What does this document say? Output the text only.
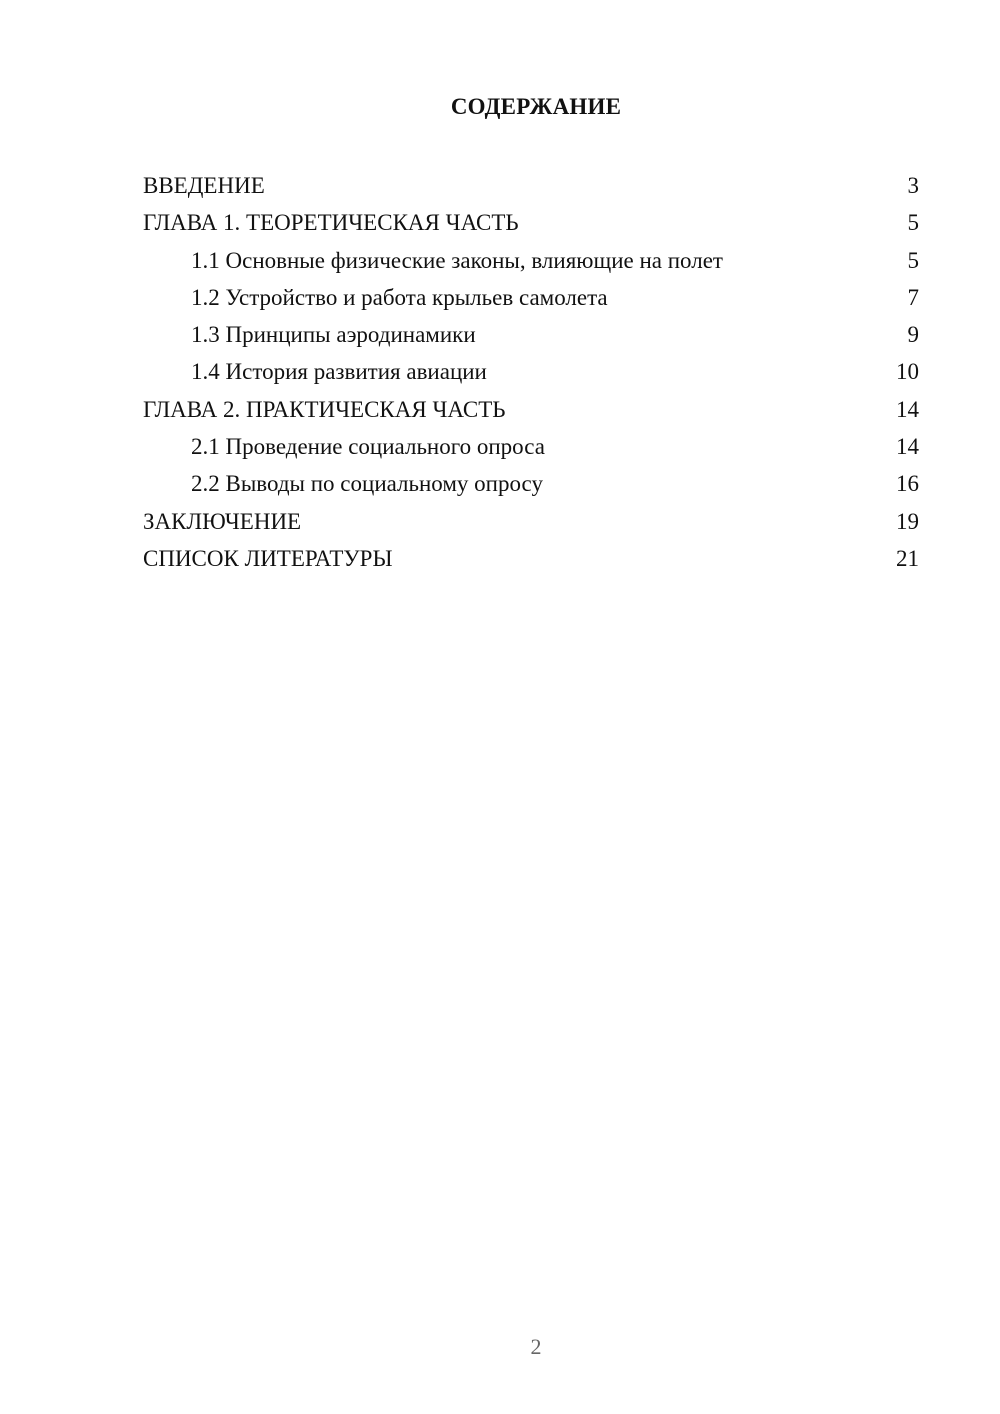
СОДЕРЖАНИЕ
ВВЕДЕНИЕ	3
ГЛАВА 1. ТЕОРЕТИЧЕСКАЯ ЧАСТЬ	5
1.1 Основные физические законы, влияющие на полет	5
1.2 Устройство и работа крыльев самолета	7
1.3 Принципы аэродинамики	9
1.4 История развития авиации	10
ГЛАВА 2. ПРАКТИЧЕСКАЯ ЧАСТЬ	14
2.1 Проведение социального опроса	14
2.2 Выводы по социальному опросу	16
ЗАКЛЮЧЕНИЕ	19
СПИСОК ЛИТЕРАТУРЫ	21
2
